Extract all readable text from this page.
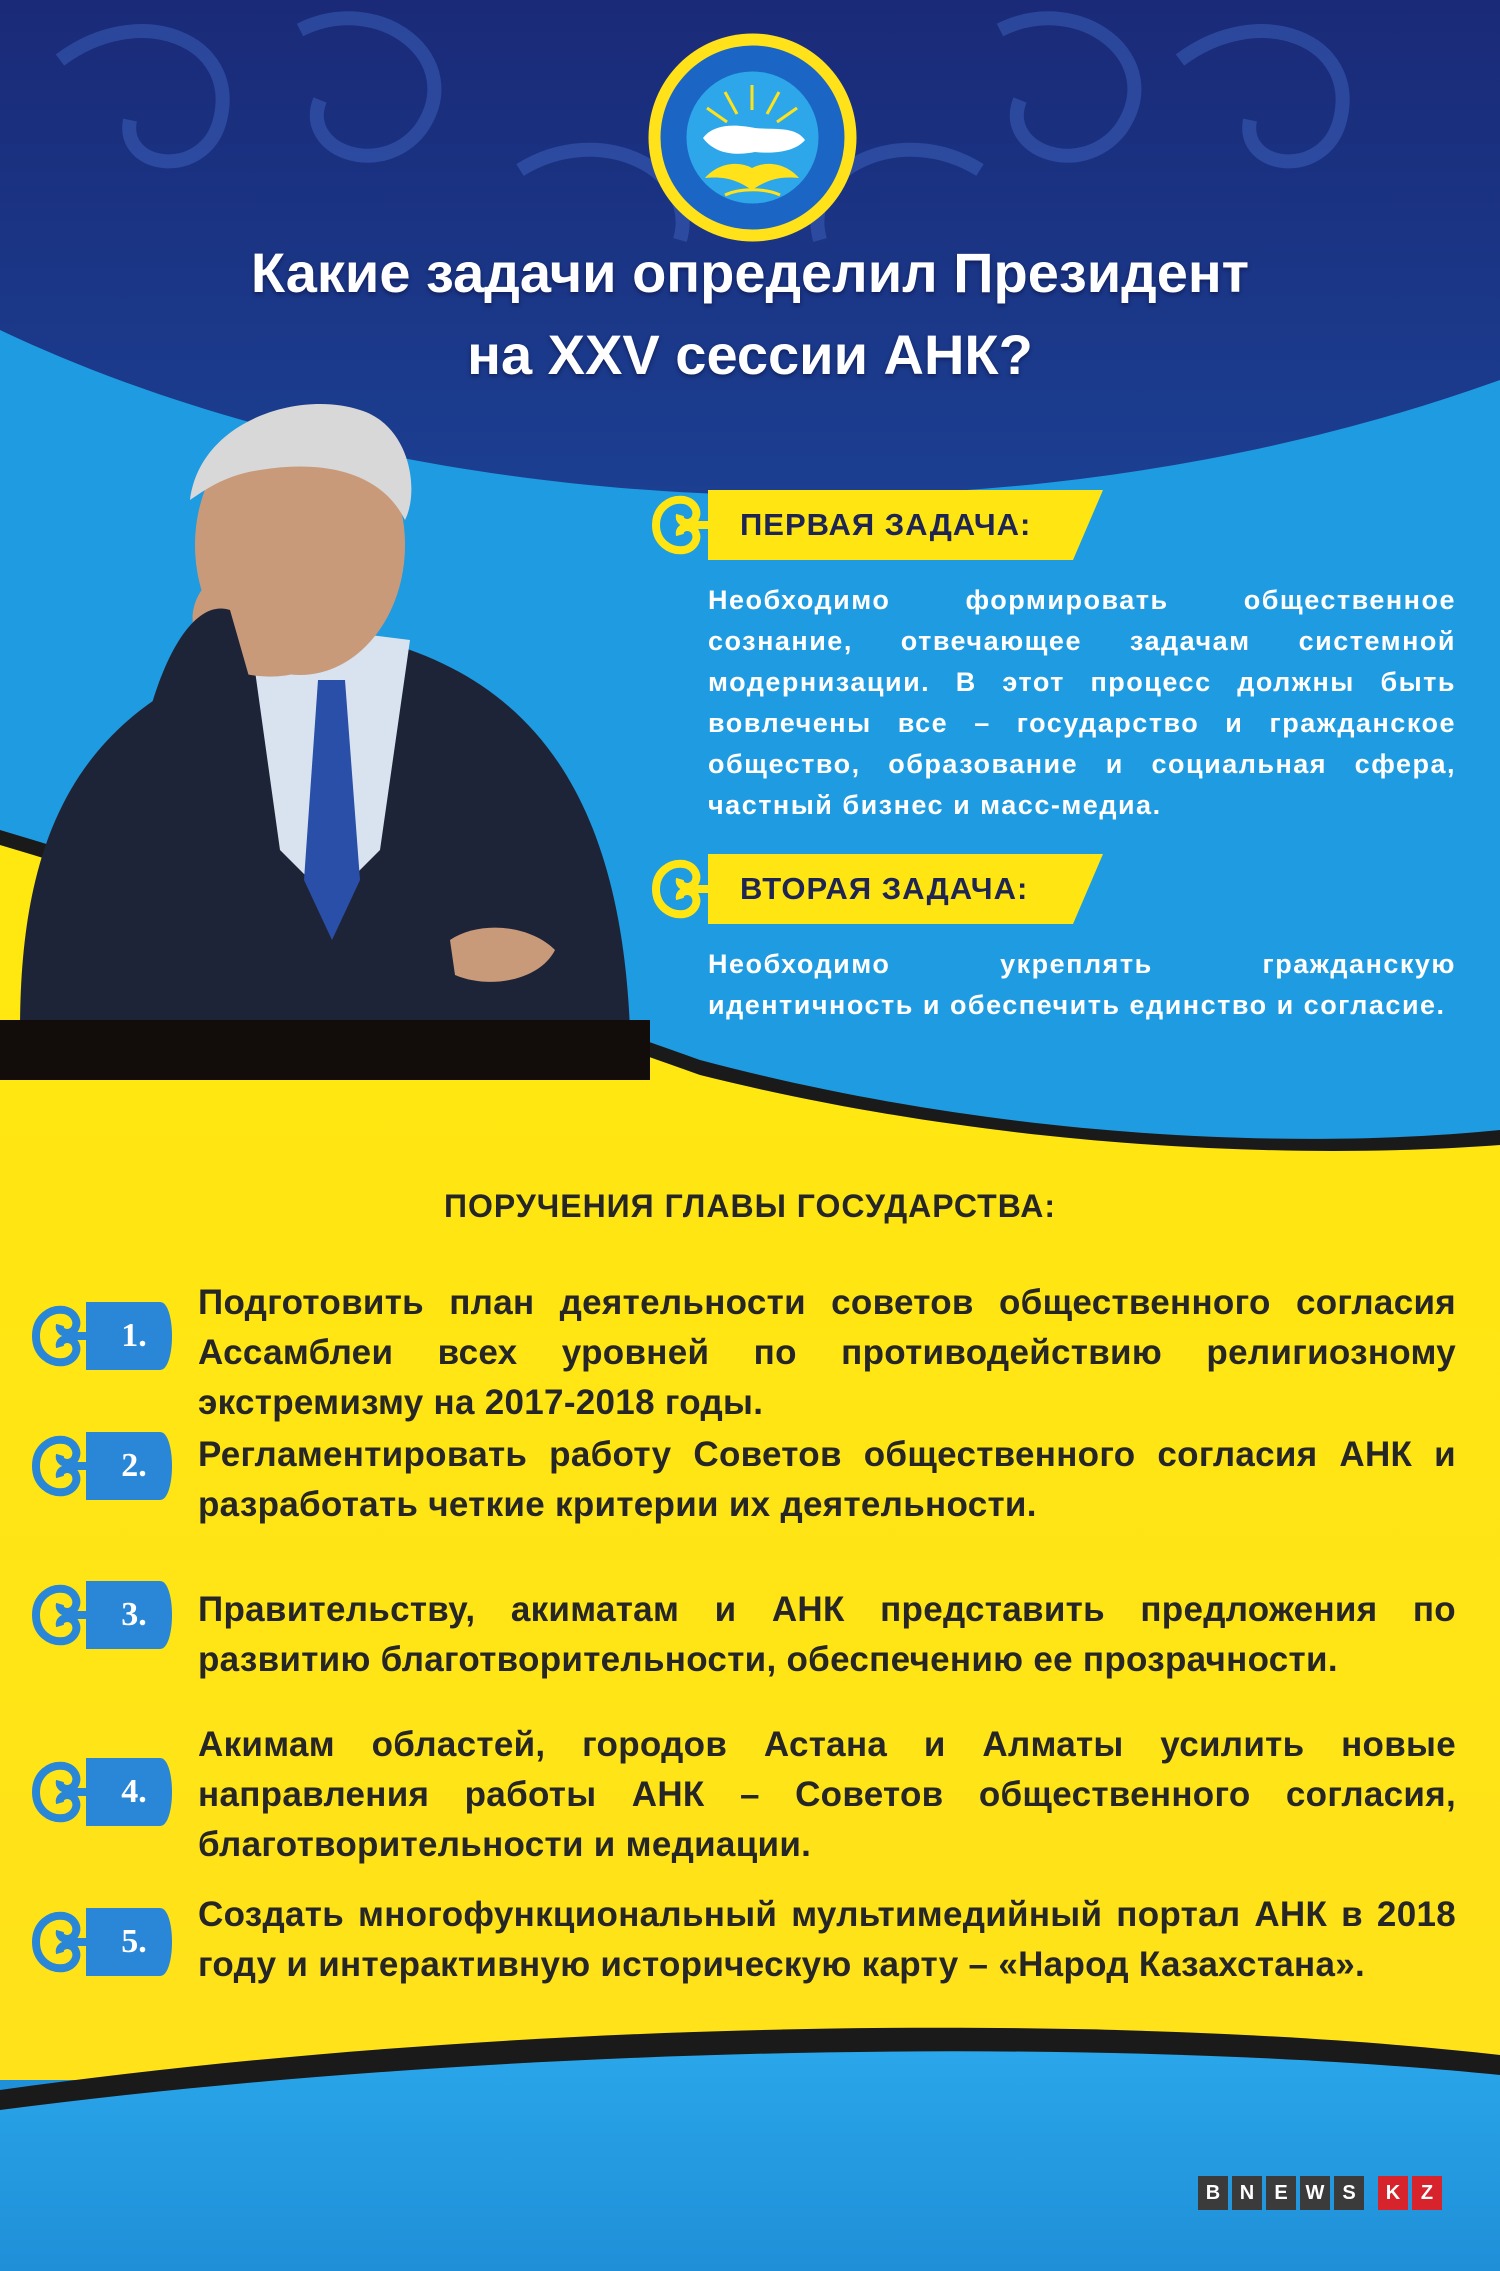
Какие задачи определил Президент
на XXV сессии АНК?
ПЕРВАЯ ЗАДАЧА:
Необходимо формировать общественное сознание, отвечающее задачам системной модернизации. В этот процесс должны быть вовлечены все – государство и гражданское общество, образование и социальная сфера, частный бизнес и масс-медиа.
ВТОРАЯ ЗАДАЧА:
Необходимо укреплять гражданскую идентичность и обеспечить единство и согласие.
ПОРУЧЕНИЯ ГЛАВЫ ГОСУДАРСТВА:
1.
Подготовить план деятельности советов общественного согласия Ассамблеи всех уровней по противодействию религиозному экстремизму на 2017-2018 годы.
2.	Регламентировать работу Советов общественного согласия АНК и разработать четкие критерии их деятельности.
3.	Правительству, акиматам и АНК представить предложения по развитию благотворительности, обеспечению ее прозрачности.
4.
Акимам областей, городов Астана и Алматы усилить новые направления работы АНК – Советов общественного согласия, благотворительности и медиации.
5.
Создать многофункциональный мультимедийный портал АНК в 2018 году и интерактивную историческую карту – «Народ Казахстана».
B N	E W S	K	Z
